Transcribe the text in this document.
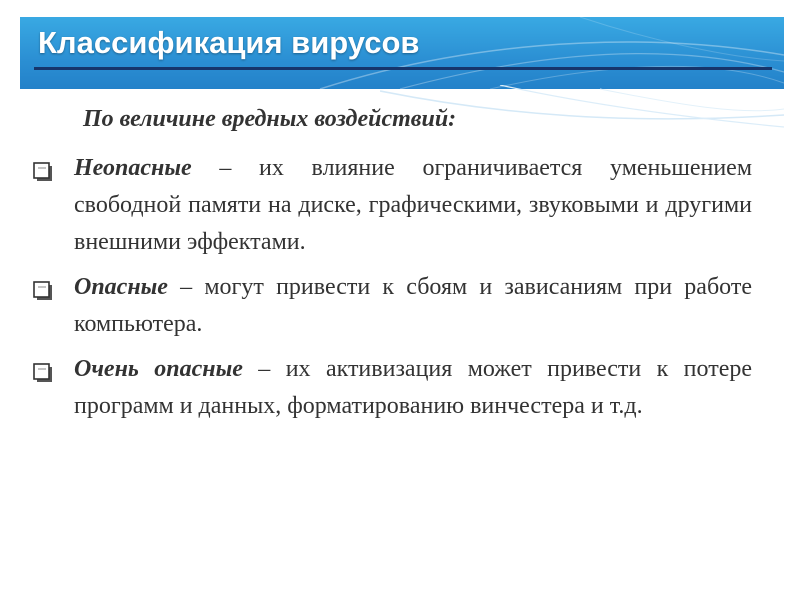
Классификация вирусов
По величине вредных воздействий:

Неопасные – их влияние ограничивается уменьшением свободной памяти на диске, графическими, звуковыми и другими внешними эффектами.

Опасные – могут привести к сбоям и зависаниям при работе компьютера.

Очень опасные – их активизация может привести к потере программ и данных, форматированию винчестера и т.д.
